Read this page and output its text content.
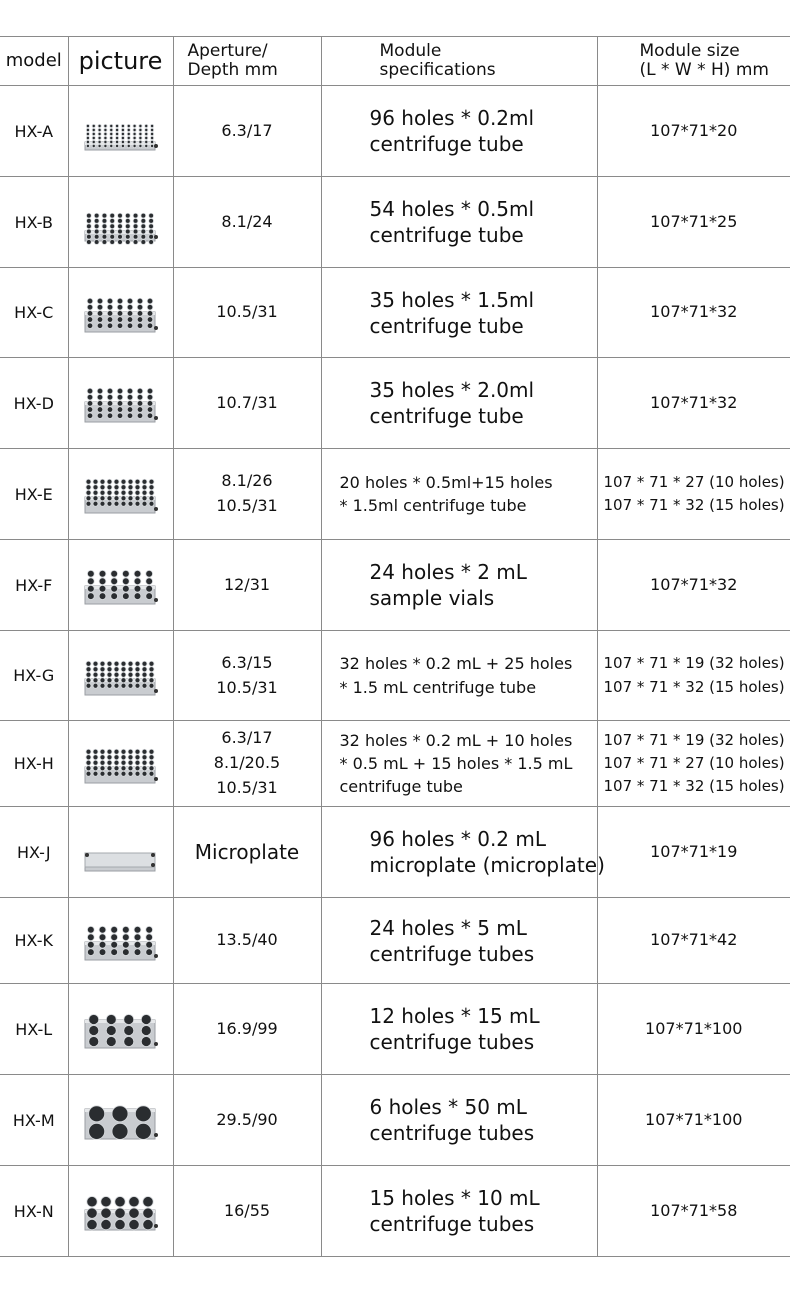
model	picture	Aperture/
Depth mm	Module
specifications	Module size
(L * W * H) mm

HX-A		6.3/17	96 holes * 0.2ml
centrifuge tube	107*71*20

HX-B		8.1/24	54 holes * 0.5ml
centrifuge tube	107*71*25

HX-C		10.5/31	35 holes * 1.5ml
centrifuge tube	107*71*32

HX-D		10.7/31	35 holes * 2.0ml
centrifuge tube	107*71*32

HX-E		8.1/26
10.5/31	20 holes * 0.5ml+15 holes
* 1.5ml centrifuge tube	107 * 71 * 27 (10 holes)
107 * 71 * 32 (15 holes)

HX-F		12/31	24 holes * 2 mL
sample vials	107*71*32

HX-G		6.3/15
10.5/31	32 holes * 0.2 mL + 25 holes
* 1.5 mL centrifuge tube	107 * 71 * 19 (32 holes)
107 * 71 * 32 (15 holes)

HX-H		6.3/17
8.1/20.5
10.5/31	32 holes * 0.2 mL + 10 holes
* 0.5 mL + 15 holes * 1.5 mL
centrifuge tube	107 * 71 * 19 (32 holes)
107 * 71 * 27 (10 holes)
107 * 71 * 32 (15 holes)

HX-J		Microplate	96 holes * 0.2 mL
microplate (microplate)	107*71*19

HX-K		13.5/40	24 holes * 5 mL
centrifuge tubes	107*71*42

HX-L		16.9/99	12 holes * 15 mL
centrifuge tubes	107*71*100

HX-M		29.5/90	6 holes * 50 mL
centrifuge tubes	107*71*100

HX-N		16/55	15 holes * 10 mL
centrifuge tubes	107*71*58
